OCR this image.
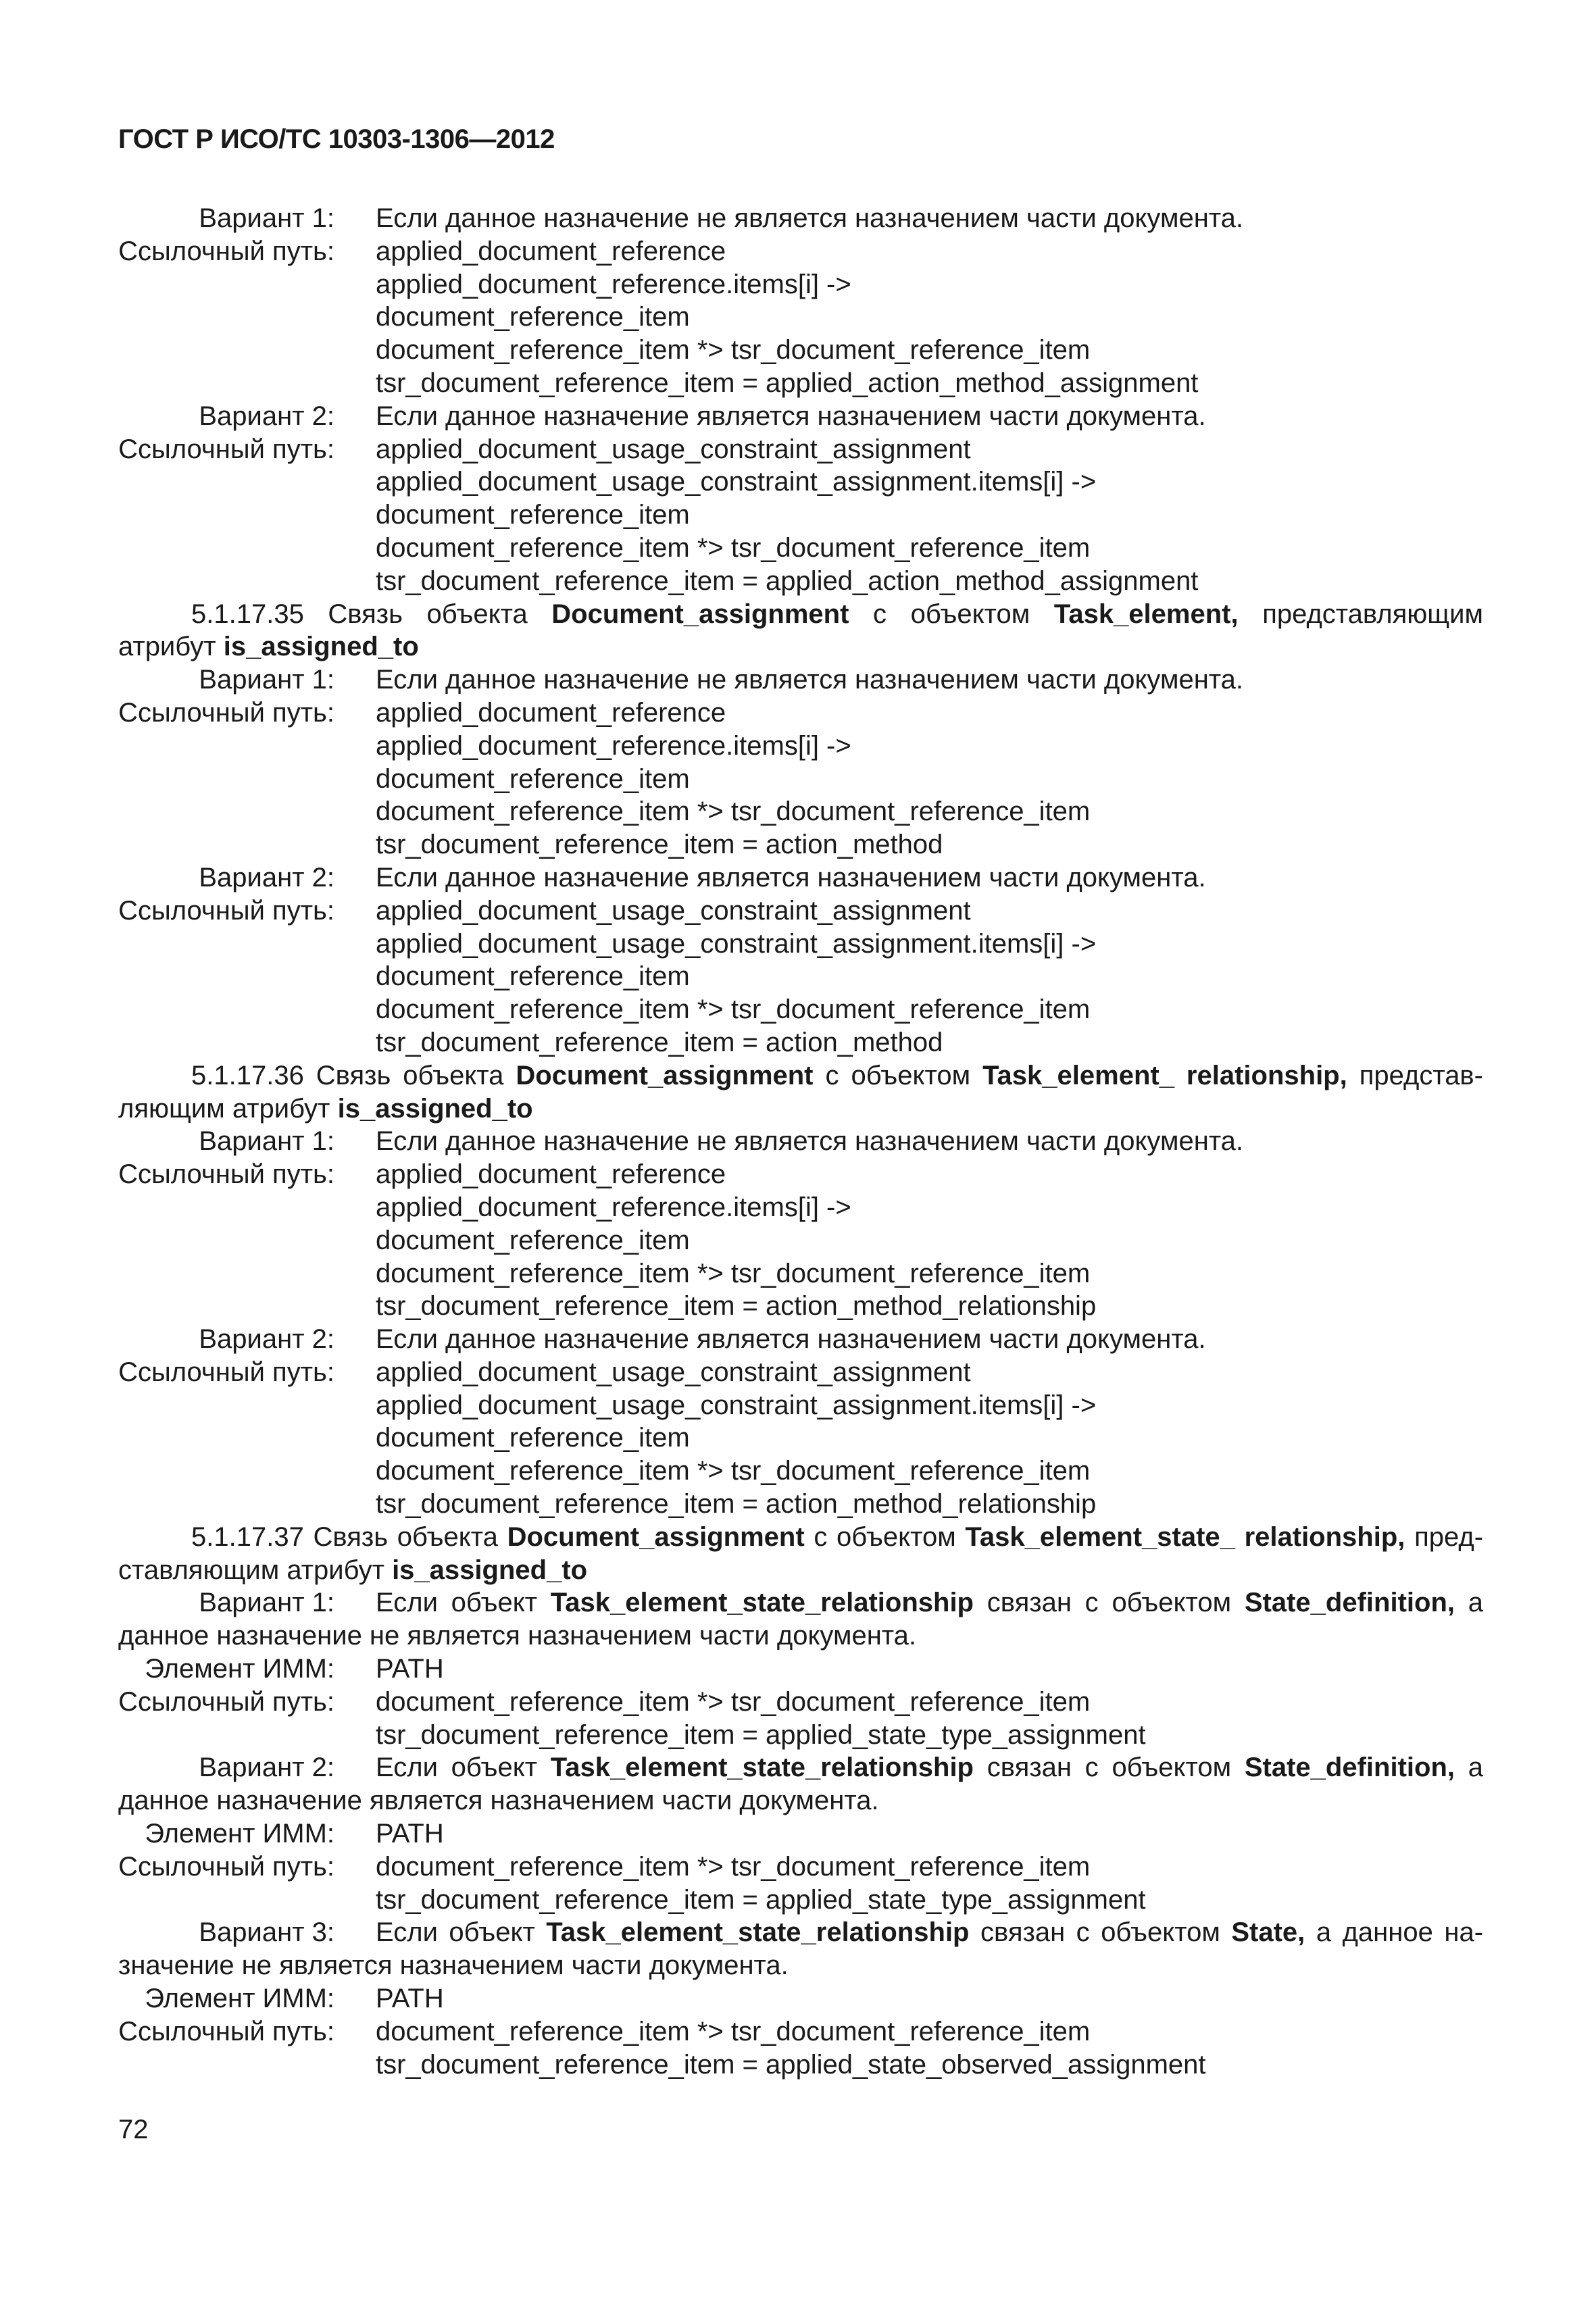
ГОСТ Р ИСО/ТС 10303-1306—2012
Вариант 1: Если данное назначение не является назначением части документа.
Ссылочный путь: applied_document_reference
applied_document_reference.items[i] ->
document_reference_item
document_reference_item *> tsr_document_reference_item
tsr_document_reference_item = applied_action_method_assignment
Вариант 2: Если данное назначение является назначением части документа.
Ссылочный путь: applied_document_usage_constraint_assignment
applied_document_usage_constraint_assignment.items[i] ->
document_reference_item
document_reference_item *> tsr_document_reference_item
tsr_document_reference_item = applied_action_method_assignment
5.1.17.35 Связь объекта Document_assignment с объектом Task_element, представляющим
атрибут is_assigned_to
Вариант 1: Если данное назначение не является назначением части документа.
Ссылочный путь: applied_document_reference
applied_document_reference.items[i] ->
document_reference_item
document_reference_item *> tsr_document_reference_item
tsr_document_reference_item = action_method
Вариант 2: Если данное назначение является назначением части документа.
Ссылочный путь: applied_document_usage_constraint_assignment
applied_document_usage_constraint_assignment.items[i] ->
document_reference_item
document_reference_item *> tsr_document_reference_item
tsr_document_reference_item = action_method
5.1.17.36 Связь объекта Document_assignment с объектом Task_element_ relationship, представ-
ляющим атрибут is_assigned_to
Вариант 1: Если данное назначение не является назначением части документа.
Ссылочный путь: applied_document_reference
applied_document_reference.items[i] ->
document_reference_item
document_reference_item *> tsr_document_reference_item
tsr_document_reference_item = action_method_relationship
Вариант 2: Если данное назначение является назначением части документа.
Ссылочный путь: applied_document_usage_constraint_assignment
applied_document_usage_constraint_assignment.items[i] ->
document_reference_item
document_reference_item *> tsr_document_reference_item
tsr_document_reference_item = action_method_relationship
5.1.17.37 Связь объекта Document_assignment с объектом Task_element_state_ relationship, пред-
ставляющим атрибут is_assigned_to
Вариант 1: Если объект Task_element_state_relationship связан с объектом State_definition, а
данное назначение не является назначением части документа.
Элемент ИММ: PATH
Ссылочный путь: document_reference_item *> tsr_document_reference_item
tsr_document_reference_item = applied_state_type_assignment
Вариант 2: Если объект Task_element_state_relationship связан с объектом State_definition, а
данное назначение является назначением части документа.
Элемент ИММ: PATH
Ссылочный путь: document_reference_item *> tsr_document_reference_item
tsr_document_reference_item = applied_state_type_assignment
Вариант 3: Если объект Task_element_state_relationship связан с объектом State, а данное на-
значение не является назначением части документа.
Элемент ИММ: PATH
Ссылочный путь: document_reference_item *> tsr_document_reference_item
tsr_document_reference_item = applied_state_observed_assignment
72
